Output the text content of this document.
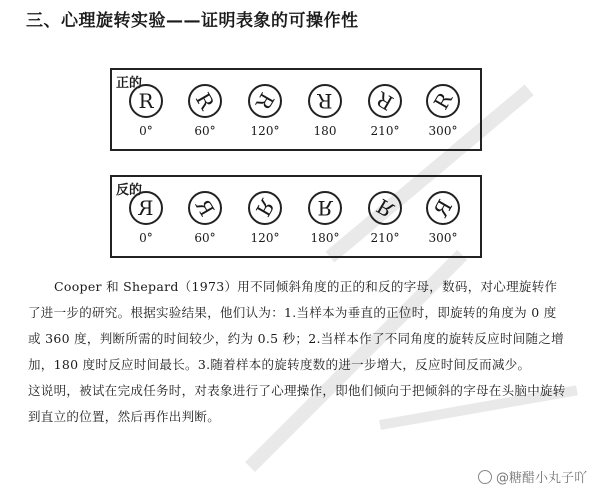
三、心理旋转实验——证明表象的可操作性
正的
R
0°
R
60°
R
120°
R
180
R
210°
R
300°
反的
R
0°
R
60°
R
120°
R
180°
R
210°
R
300°

Cooper 和 Shepard（1973）用不同倾斜角度的正的和反的字母，数码，对心理旋转作了进一步的研究。根据实验结果，他们认为：1.当样本为垂直的正位时，即旋转的角度为 0 度或 360 度，判断所需的时间较少，约为 0.5 秒；2.当样本作了不同角度的旋转反应时间随之增加，180 度时反应时间最长。3.随着样本的旋转度数的进一步增大，反应时间反而减少。

这说明，被试在完成任务时，对表象进行了心理操作，即他们倾向于把倾斜的字母在头脑中旋转到直立的位置，然后再作出判断。

@糖醋小丸子吖
